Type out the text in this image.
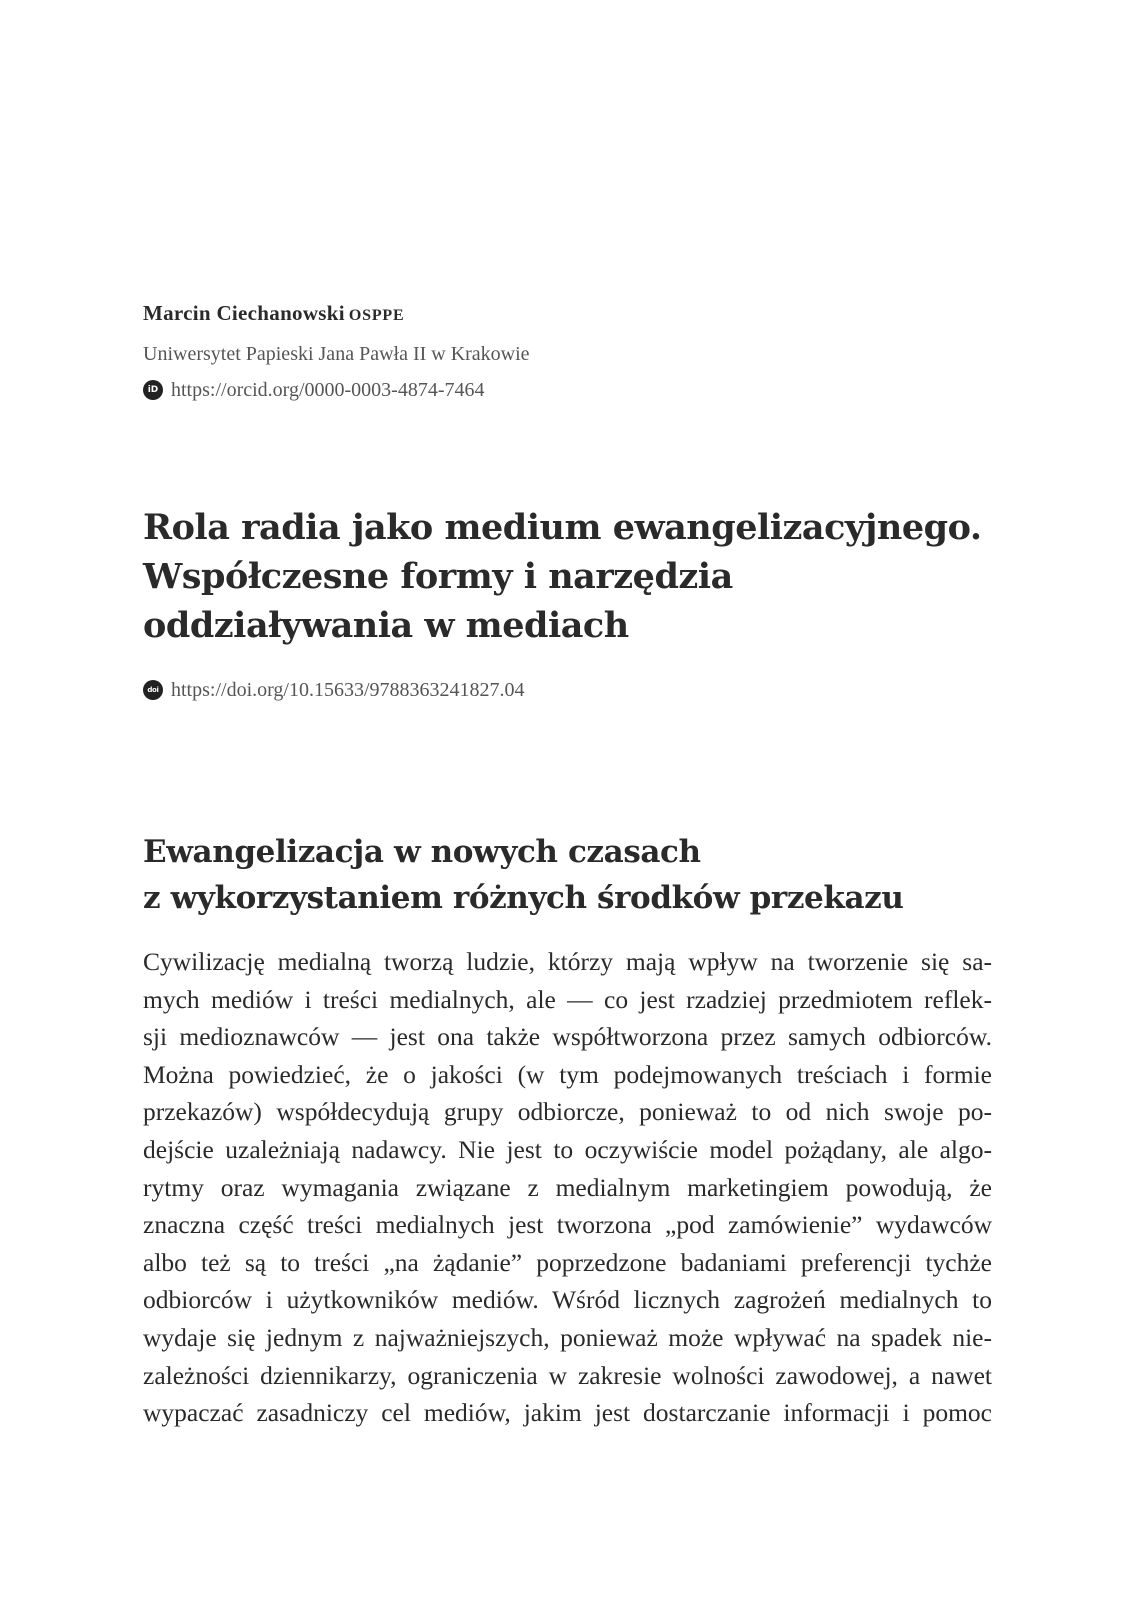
Marcin Ciechanowski OSPPE

Uniwersytet Papieski Jana Pawła II w Krakowie
iD https://orcid.org/0000-0003-4874-7464
Rola radia jako medium ewangelizacyjnego.
Współczesne formy i narzędzia
oddziaływania w mediach
doi https://doi.org/10.15633/9788363241827.04
Ewangelizacja w nowych czasach
z wykorzystaniem różnych środków przekazu
Cywilizację medialną tworzą ludzie, którzy mają wpływ na tworzenie się sa-
mych mediów i treści medialnych, ale — co jest rzadziej przedmiotem reflek-
sji medioznawców — jest ona także współtworzona przez samych odbiorców.
Można powiedzieć, że o jakości (w tym podejmowanych treściach i formie
przekazów) współdecydują grupy odbiorcze, ponieważ to od nich swoje po-
dejście uzależniają nadawcy. Nie jest to oczywiście model pożądany, ale algo-
rytmy oraz wymagania związane z medialnym marketingiem powodują, że
znaczna część treści medialnych jest tworzona „pod zamówienie” wydawców
albo też są to treści „na żądanie” poprzedzone badaniami preferencji tychże
odbiorców i użytkowników mediów. Wśród licznych zagrożeń medialnych to
wydaje się jednym z najważniejszych, ponieważ może wpływać na spadek nie-
zależności dziennikarzy, ograniczenia w zakresie wolności zawodowej, a nawet
wypaczać zasadniczy cel mediów, jakim jest dostarczanie informacji i pomoc
